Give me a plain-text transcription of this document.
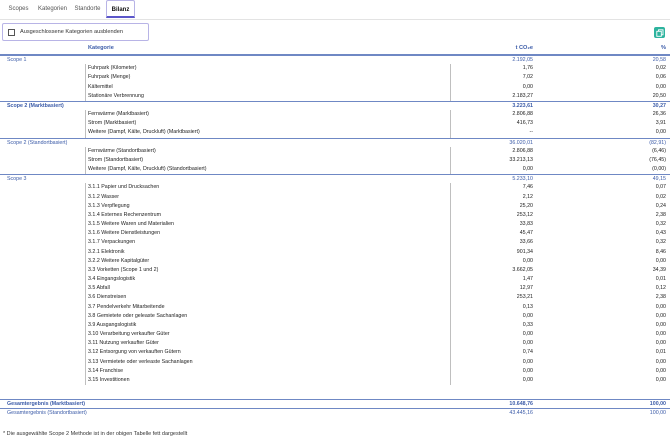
Scopes	Kategorien	Standorte	Bilanz
Ausgeschlossene Kategorien ausblenden
Kategorie	t CO₂e	%
Scope 1	2.192,05	20,58
Fuhrpark (Kilometer)	1,76	0,02
Fuhrpark (Menge)	7,02	0,06
Kältemittel	0,00	0,00
Stationäre Verbrennung	2.183,27	20,50
Scope 2 (Marktbasiert)	3.223,61	30,27
Fernwärme (Marktbasiert)	2.806,88	26,36
Strom (Marktbasiert)	416,73	3,91
Weitere (Dampf, Kälte, Druckluft) (Marktbasiert)	--	0,00
Scope 2 (Standortbasiert)	36.020,01	(82,91)
Fernwärme (Standortbasiert)	2.806,88	(6,46)
Strom (Standortbasiert)	33.213,13	(76,45)
Weitere (Dampf, Kälte, Druckluft) (Standortbasiert)	0,00	(0,00)
Scope 3	5.233,10	49,15
3.1.1 Papier und Drucksachen	7,46	0,07
3.1.2 Wasser	2,12	0,02
3.1.3 Verpflegung	25,20	0,24
3.1.4 Externes Rechenzentrum	253,12	2,38
3.1.5 Weitere Waren und Materialien	33,83	0,32
3.1.6 Weitere Dienstleistungen	45,47	0,43
3.1.7 Verpackungen	33,66	0,32
3.2.1 Elektronik	901,34	8,46
3.2.2 Weitere Kapitalgüter	0,00	0,00
3.3 Vorketten (Scope 1 und 2)	3.662,05	34,39
3.4 Eingangslogistik	1,47	0,01
3.5 Abfall	12,97	0,12
3.6 Dienstreisen	253,21	2,38
3.7 Pendelverkehr Mitarbeitende	0,13	0,00
3.8 Gemietete oder geleaste Sachanlagen	0,00	0,00
3.9 Ausgangslogistik	0,33	0,00
3.10 Verarbeitung verkaufter Güter	0,00	0,00
3.11 Nutzung verkaufter Güter	0,00	0,00
3.12 Entsorgung von verkauften Gütern	0,74	0,01
3.13 Vermietete oder verleaste Sachanlagen	0,00	0,00
3.14 Franchise	0,00	0,00
3.15 Investitionen	0,00	0,00
Gesamtergebnis (Marktbasiert)	10.648,76	100,00
Gesamtergebnis (Standortbasiert)	43.445,16	100,00
* Die ausgewählte Scope 2 Methode ist in der obigen Tabelle fett dargestellt
